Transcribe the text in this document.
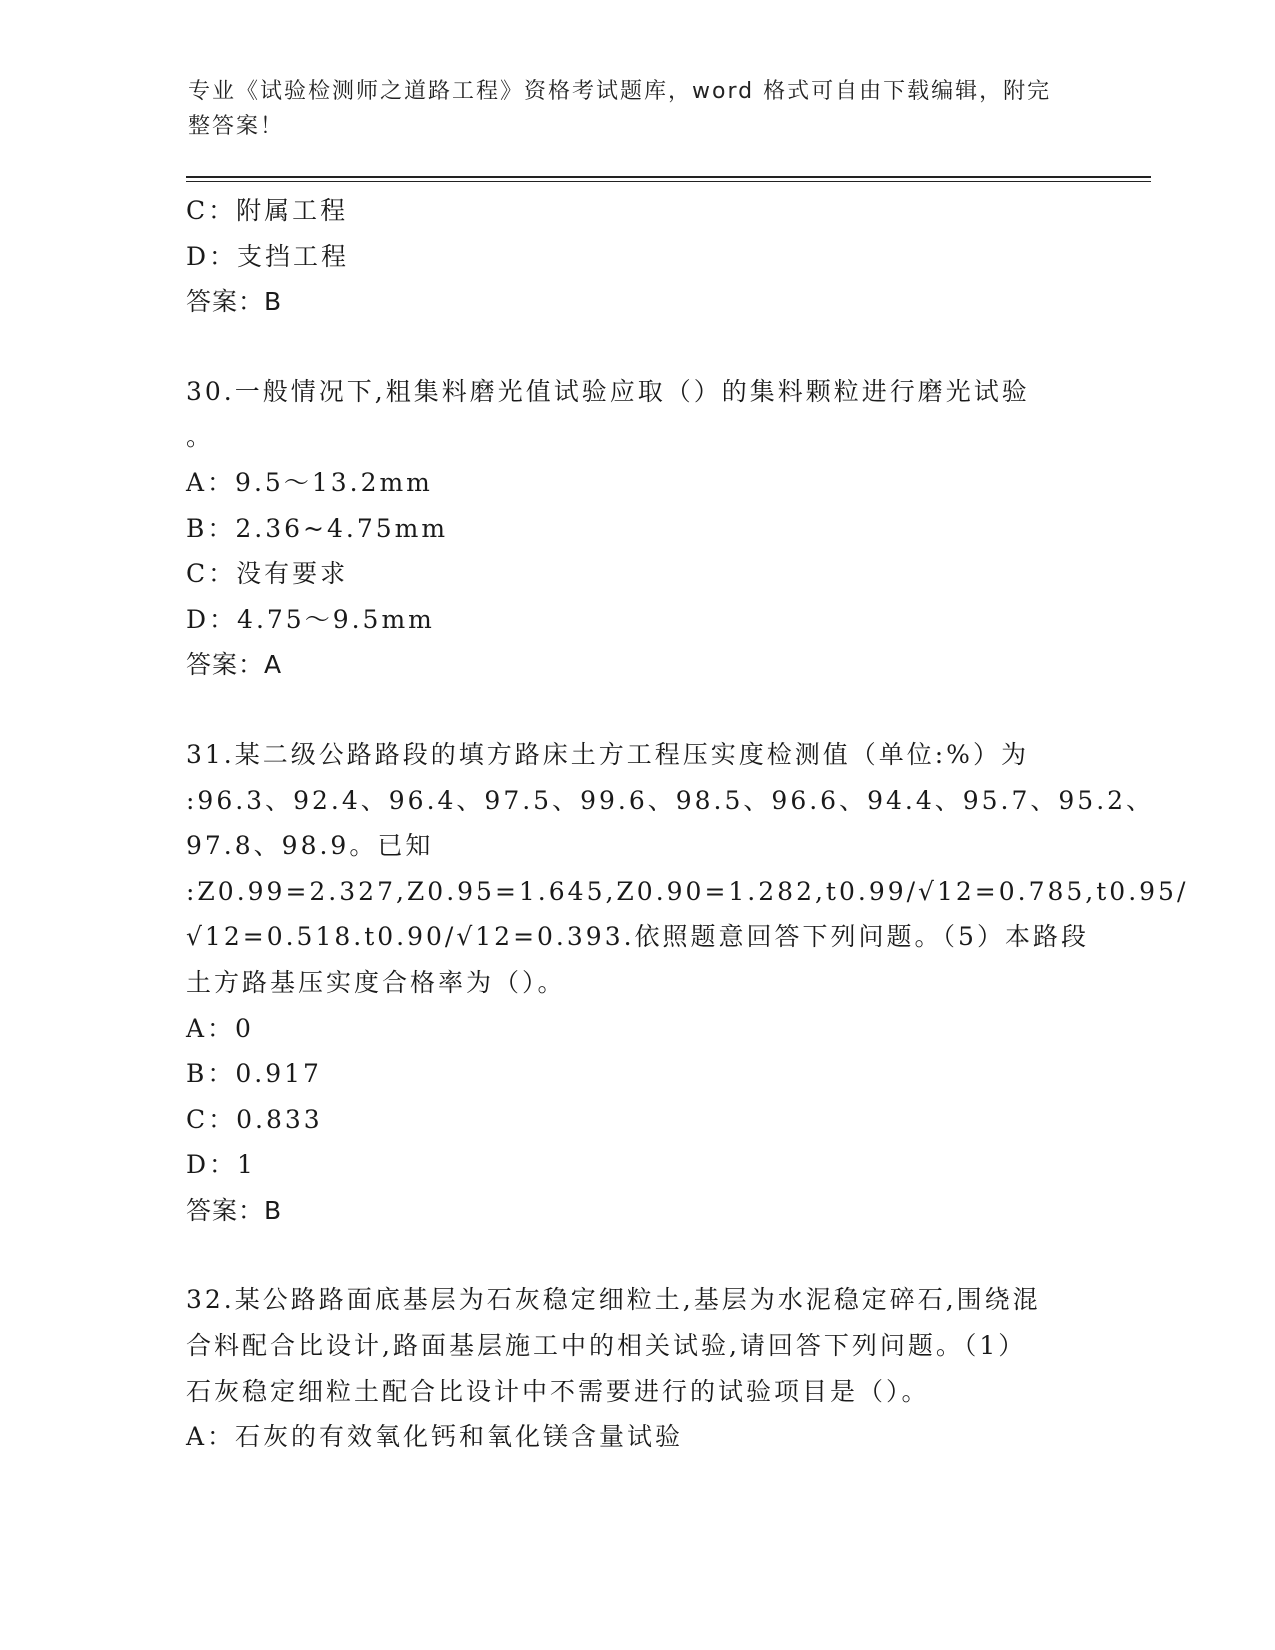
专业《试验检测师之道路工程》资格考试题库，word 格式可自由下载编辑，附完
整答案！
C：附属工程
D：支挡工程
答案：B
30.一般情况下,粗集料磨光值试验应取（）的集料颗粒进行磨光试验
。
A：9.5～13.2mm
B：2.36~4.75mm
C：没有要求
D：4.75～9.5mm
答案：A
31.某二级公路路段的填方路床土方工程压实度检测值（单位:%）为
:96.3、92.4、96.4、97.5、99.6、98.5、96.6、94.4、95.7、95.2、
97.8、98.9。已知
:Z0.99=2.327,Z0.95=1.645,Z0.90=1.282,t0.99/√12=0.785,t0.95/
√12=0.518.t0.90/√12=0.393.依照题意回答下列问题。（5）本路段
土方路基压实度合格率为（）。
A：0
B：0.917
C：0.833
D：1
答案：B
32.某公路路面底基层为石灰稳定细粒土,基层为水泥稳定碎石,围绕混
合料配合比设计,路面基层施工中的相关试验,请回答下列问题。（1）
石灰稳定细粒土配合比设计中不需要进行的试验项目是（）。
A：石灰的有效氧化钙和氧化镁含量试验
